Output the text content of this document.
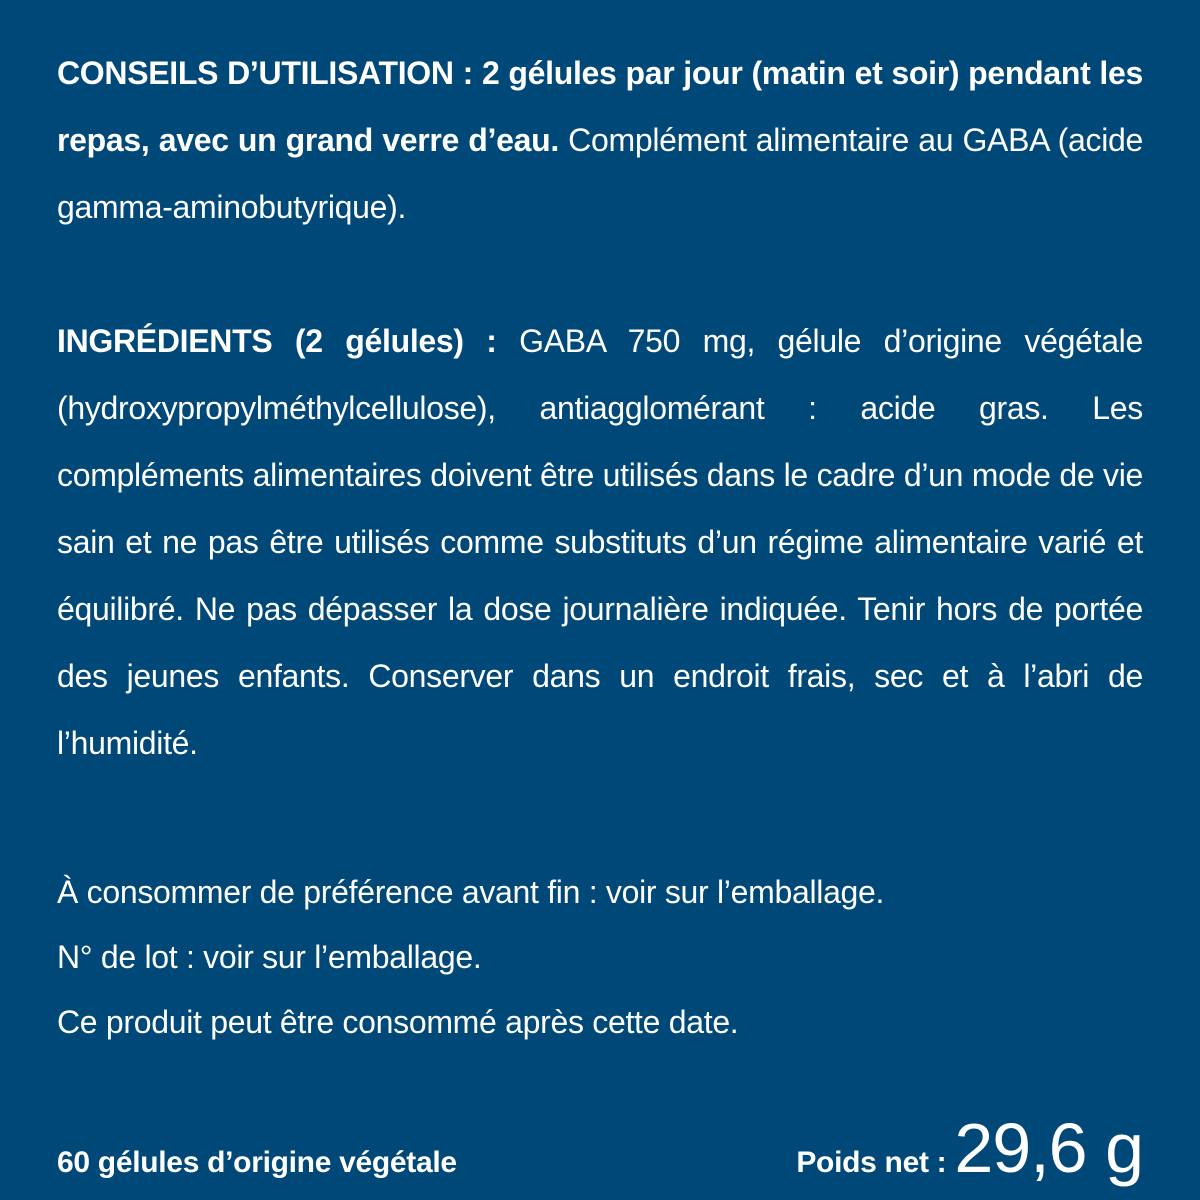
CONSEILS D’UTILISATION : 2 gélules par jour (matin et soir) pendant les repas, avec un grand verre d’eau. Complément alimentaire au GABA (acide gamma-aminobutyrique).

INGRÉDIENTS (2 gélules) : GABA 750 mg, gélule d’origine végétale (hydroxypropylméthylcellulose), antiagglomérant : acide gras. Les compléments alimentaires doivent être utilisés dans le cadre d’un mode de vie sain et ne pas être utilisés comme substituts d’un régime alimentaire varié et équilibré. Ne pas dépasser la dose journalière indiquée. Tenir hors de portée des jeunes enfants. Conserver dans un endroit frais, sec et à l’abri de l’humidité.

À consommer de préférence avant fin : voir sur l’emballage.
N° de lot : voir sur l’emballage.
Ce produit peut être consommé après cette date.
60 gélules d’origine végétale	Poids net : 29,6 g
